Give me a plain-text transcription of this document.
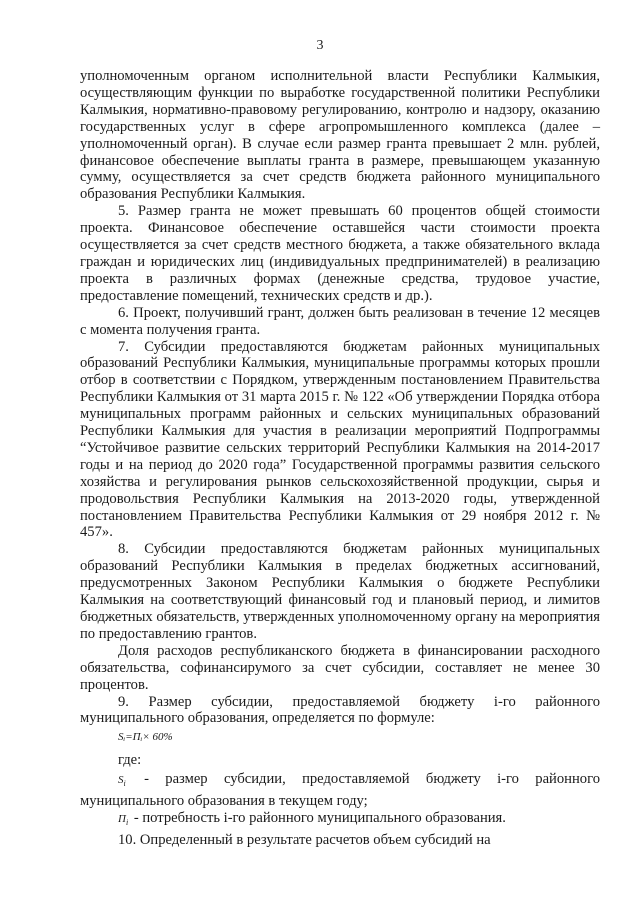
3

уполномоченным органом исполнительной власти Республики Калмыкия, осуществляющим функции по выработке государственной политики Республики Калмыкия, нормативно-правовому регулированию, контролю и надзору, оказанию государственных услуг в сфере агропромышленного комплекса (далее – уполномоченный орган). В случае если размер гранта превышает 2 млн. рублей, финансовое обеспечение выплаты гранта в размере, превышающем указанную сумму, осуществляется за счет средств бюджета районного муниципального образования Республики Калмыкия.

5. Размер гранта не может превышать 60 процентов общей стоимости проекта. Финансовое обеспечение оставшейся части стоимости проекта осуществляется за счет средств местного бюджета, а также обязательного вклада граждан и юридических лиц (индивидуальных предпринимателей) в реализацию проекта в различных формах (денежные средства, трудовое участие, предоставление помещений, технических средств и др.).

6. Проект, получивший грант, должен быть реализован в течение 12 месяцев с момента получения гранта.

7. Субсидии предоставляются бюджетам районных муниципальных образований Республики Калмыкия, муниципальные программы которых прошли отбор в соответствии с Порядком, утвержденным постановлением Правительства Республики Калмыкия от 31 марта 2015 г. № 122 «Об утверждении Порядка отбора муниципальных программ районных и сельских муниципальных образований Республики Калмыкия для участия в реализации мероприятий Подпрограммы “Устойчивое развитие сельских территорий Республики Калмыкия на 2014-2017 годы и на период до 2020 года” Государственной программы развития сельского хозяйства и регулирования рынков сельскохозяйственной продукции, сырья и продовольствия Республики Калмыкия на 2013-2020 годы, утвержденной постановлением Правительства Республики Калмыкия от 29 ноября 2012 г. № 457».

8. Субсидии предоставляются бюджетам районных муниципальных образований Республики Калмыкия в пределах бюджетных ассигнований, предусмотренных Законом Республики Калмыкия о бюджете Республики Калмыкия на соответствующий финансовый год и плановый период, и лимитов бюджетных обязательств, утвержденных уполномоченному органу на мероприятия по предоставлению грантов.

Доля расходов республиканского бюджета в финансировании расходного обязательства, софинансирумого за счет субсидии, составляет не менее 30 процентов.

9. Размер субсидии, предоставляемой бюджету i-го районного муниципального образования, определяется по формуле:

Sᵢ=Пᵢ× 60%

где:

$S_i$ - размер субсидии, предоставляемой бюджету i-го районного муниципального образования в текущем году;

$П_i$ - потребность i-го районного муниципального образования.

10. Определенный в результате расчетов объем субсидий на
